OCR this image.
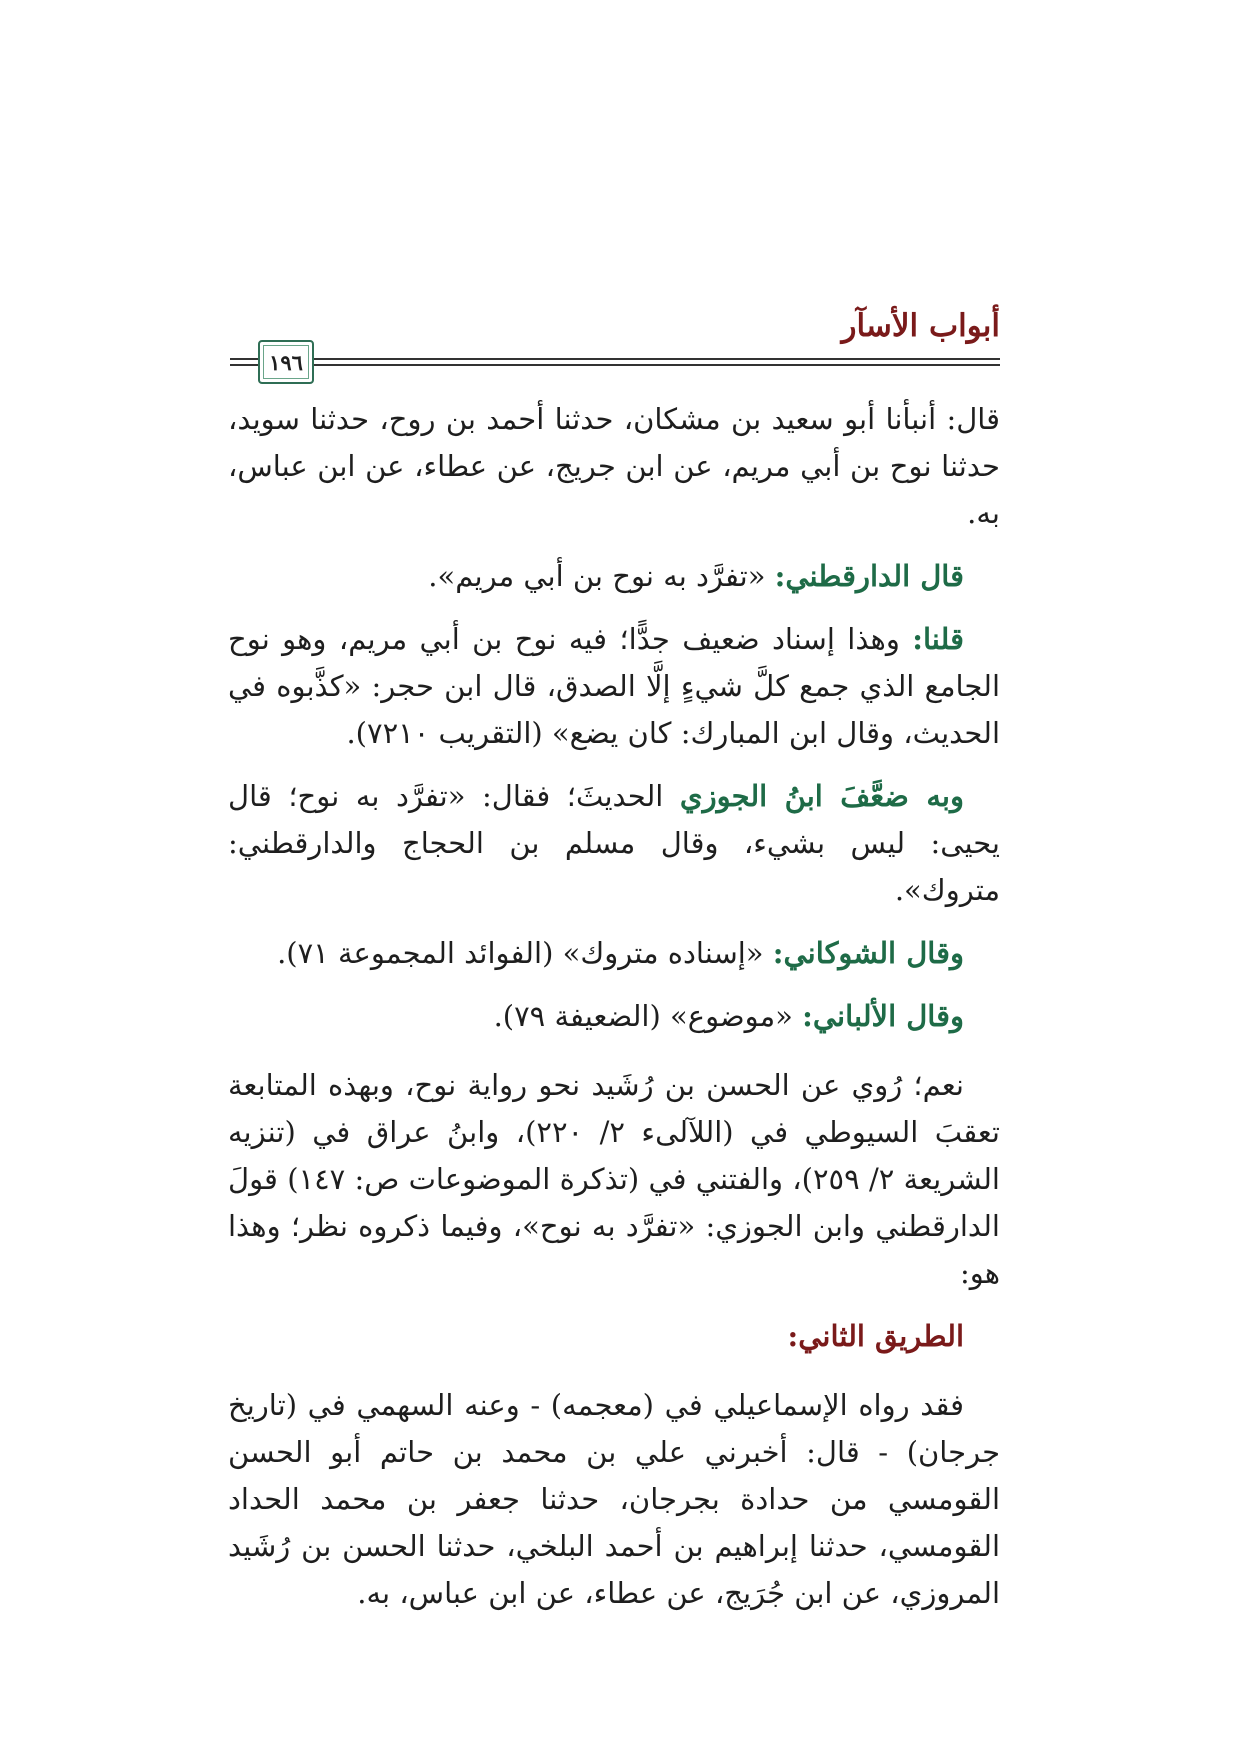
أبواب الأسآر
١٩٦

قال: أنبأنا أبو سعيد بن مشكان، حدثنا أحمد بن روح، حدثنا سويد، حدثنا نوح بن أبي مريم، عن ابن جريج، عن عطاء، عن ابن عباس، به.

قال الدارقطني: «تفرَّد به نوح بن أبي مريم».

قلنا: وهذا إسناد ضعيف جدًّا؛ فيه نوح بن أبي مريم، وهو نوح الجامع الذي جمع كلَّ شيءٍ إلَّا الصدق، قال ابن حجر: «كذَّبوه في الحديث، وقال ابن المبارك: كان يضع» (التقريب ٧٢١٠).

وبه ضعَّفَ ابنُ الجوزي الحديثَ؛ فقال: «تفرَّد به نوح؛ قال يحيى: ليس بشيء، وقال مسلم بن الحجاج والدارقطني: متروك».

وقال الشوكاني: «إسناده متروك» (الفوائد المجموعة ٧١).

وقال الألباني: «موضوع» (الضعيفة ٧٩).

نعم؛ رُوي عن الحسن بن رُشَيد نحو رواية نوح، وبهذه المتابعة تعقبَ السيوطي في (اللآلىء ٢/ ٢٢٠)، وابنُ عراق في (تنزيه الشريعة ٢/ ٢٥٩)، والفتني في (تذكرة الموضوعات ص: ١٤٧) قولَ الدارقطني وابن الجوزي: «تفرَّد به نوح»، وفيما ذكروه نظر؛ وهذا هو:

الطريق الثاني:

فقد رواه الإسماعيلي في (معجمه) - وعنه السهمي في (تاريخ جرجان) - قال: أخبرني علي بن محمد بن حاتم أبو الحسن القومسي من حدادة بجرجان، حدثنا جعفر بن محمد الحداد القومسي، حدثنا إبراهيم بن أحمد البلخي، حدثنا الحسن بن رُشَيد المروزي، عن ابن جُرَيج، عن عطاء، عن ابن عباس، به.
